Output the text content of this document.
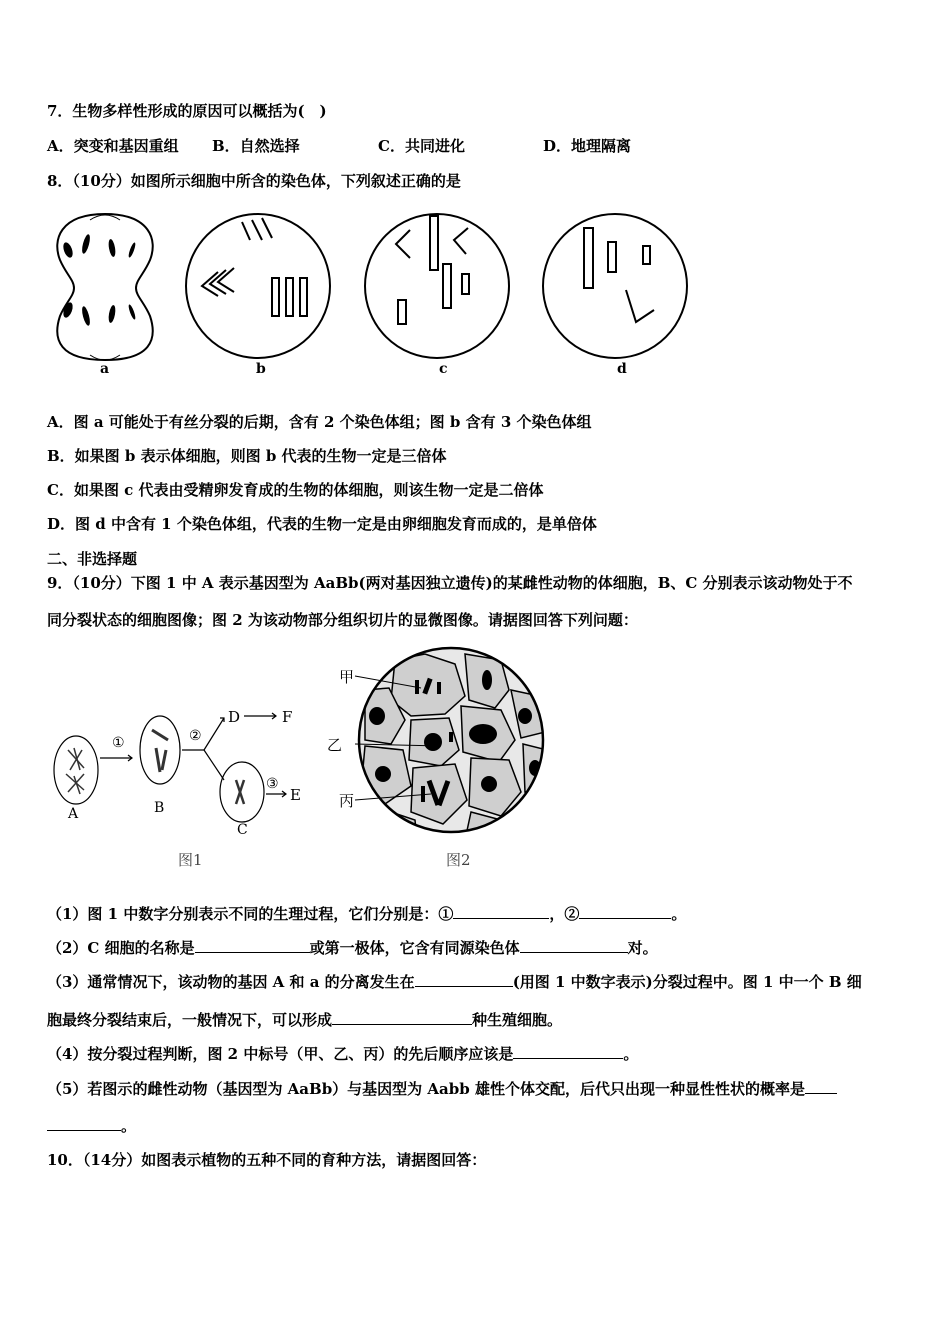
7．生物多样性形成的原因可以概括为(　)
A．突变和基因重组 B．自然选择	C．共同进化	D．地理隔离
8．（10分）如图所示细胞中所含的染色体，下列叙述正确的是
a	b	c	d
A．图 a 可能处于有丝分裂的后期，含有 2 个染色体组；图 b 含有 3 个染色体组
B．如果图 b 表示体细胞，则图 b 代表的生物一定是三倍体
C．如果图 c 代表由受精卵发育成的生物的体细胞，则该生物一定是二倍体
D．图 d 中含有 1 个染色体组，代表的生物一定是由卵细胞发育而成的，是单倍体
二、非选择题
9．（10分）下图 1 中 A 表示基因型为 AaBb(两对基因独立遗传)的某雌性动物的体细胞，B、C 分别表示该动物处于不
同分裂状态的细胞图像；图 2 为该动物部分组织切片的显微图像。请据图回答下列问题：
①	②
③
D	F
E
A	B
C
图1
甲
乙
丙
图2
（1）图 1 中数字分别表示不同的生理过程，它们分别是：①	，②	。
（2）C 细胞的名称是	或第一极体，它含有同源染色体	对。
（3）通常情况下，该动物的基因 A 和 a 的分离发生在	(用图 1 中数字表示)分裂过程中。图 1 中一个 B 细
胞最终分裂结束后，一般情况下，可以形成	种生殖细胞。
（4）按分裂过程判断，图 2 中标号（甲、乙、丙）的先后顺序应该是	。
（5）若图示的雌性动物（基因型为 AaBb）与基因型为 Aabb 雄性个体交配，后代只出现一种显性性状的概率是
。
10．（14分）如图表示植物的五种不同的育种方法，请据图回答：
